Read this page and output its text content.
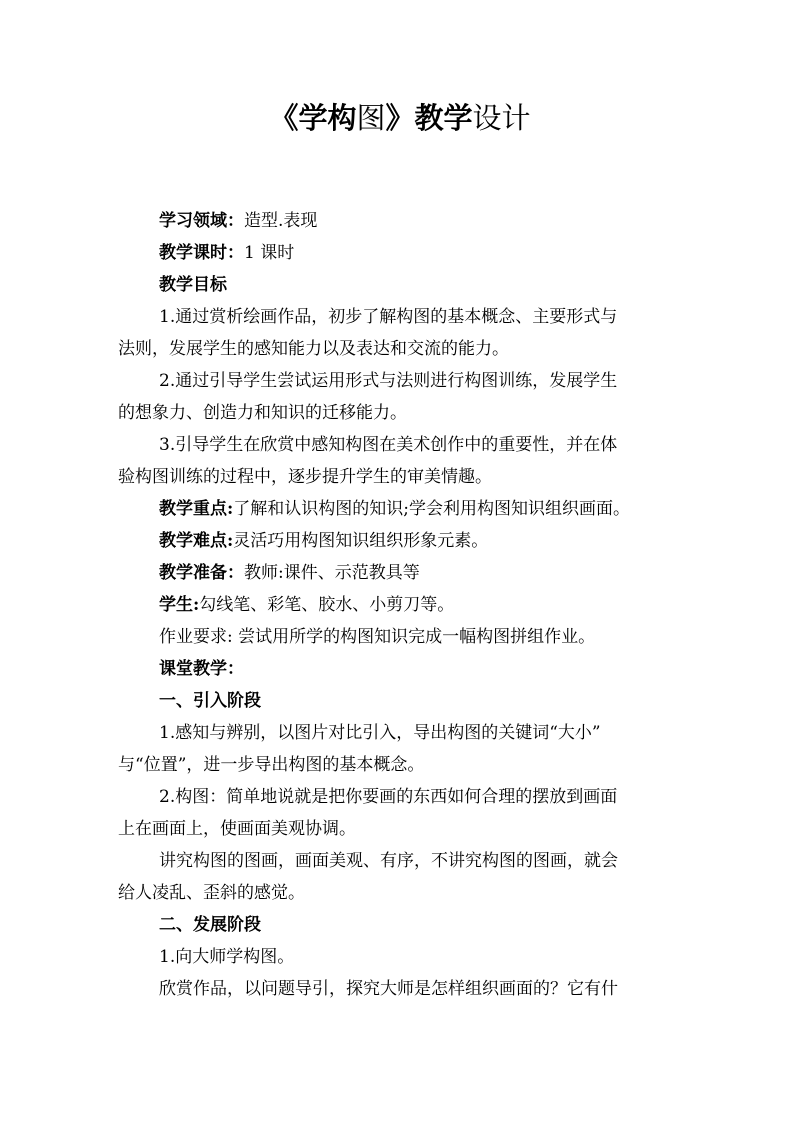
《学构图》教学设计
学习领域：造型.表现
教学课时：1 课时
教学目标
1.通过赏析绘画作品，初步了解构图的基本概念、主要形式与
法则，发展学生的感知能力以及表达和交流的能力。
2.通过引导学生尝试运用形式与法则进行构图训练，发展学生
的想象力、创造力和知识的迁移能力。
3.引导学生在欣赏中感知构图在美术创作中的重要性，并在体
验构图训练的过程中，逐步提升学生的审美情趣。
教学重点:了解和认识构图的知识;学会利用构图知识组织画面。
教学难点:灵活巧用构图知识组织形象元素。
教学准备：教师:课件、示范教具等
学生:勾线笔、彩笔、胶水、小剪刀等。
作业要求: 尝试用所学的构图知识完成一幅构图拼组作业。
课堂教学：
一、引入阶段
1.感知与辨别，以图片对比引入，导出构图的关键词“大小”
与“位置”，进一步导出构图的基本概念。
2.构图：简单地说就是把你要画的东西如何合理的摆放到画面
上在画面上，使画面美观协调。
讲究构图的图画，画面美观、有序，不讲究构图的图画，就会
给人凌乱、歪斜的感觉。
二、发展阶段
1.向大师学构图。
欣赏作品，以问题导引，探究大师是怎样组织画面的？它有什
